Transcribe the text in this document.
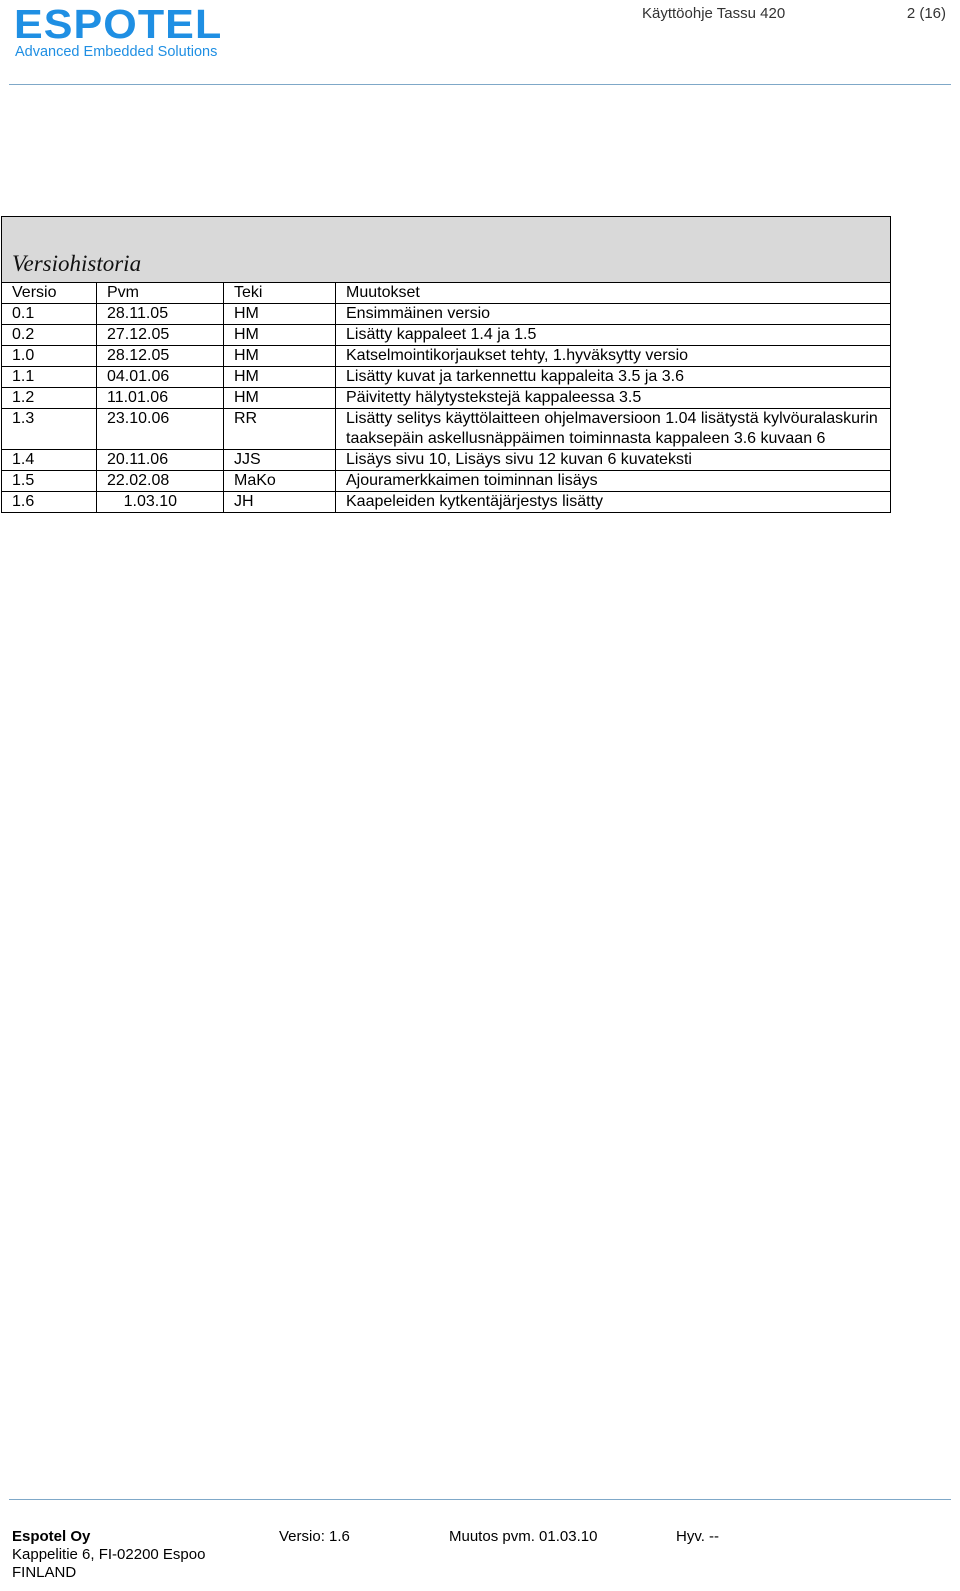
ESPOTEL
Advanced Embedded Solutions
Käyttöohje Tassu 420	2 (16)
Versiohistoria			
Versio	Pvm	Teki	Muutokset
0.1	28.11.05	HM	Ensimmäinen versio
0.2	27.12.05	HM	Lisätty kappaleet 1.4 ja 1.5
1.0	28.12.05	HM	Katselmointikorjaukset tehty, 1.hyväksytty versio
1.1	04.01.06	HM	Lisätty kuvat ja tarkennettu kappaleita 3.5 ja 3.6
1.2	11.01.06	HM	Päivitetty hälytystekstejä kappaleessa 3.5
1.3	23.10.06	RR	Lisätty selitys käyttölaitteen ohjelmaversioon 1.04 lisätystä kylvöuralaskurin taaksepäin askellusnäppäimen toiminnasta kappaleen 3.6 kuvaan 6
1.4	20.11.06	JJS	Lisäys sivu 10, Lisäys sivu 12 kuvan 6 kuvateksti
1.5	22.02.08	MaKo	Ajouramerkkaimen toiminnan lisäys
1.6	1.03.10	JH	Kaapeleiden kytkentäjärjestys lisätty
Espotel Oy
Kappelitie 6, FI-02200 Espoo
FINLAND
Versio: 1.6	Muutos pvm. 01.03.10	Hyv. --
